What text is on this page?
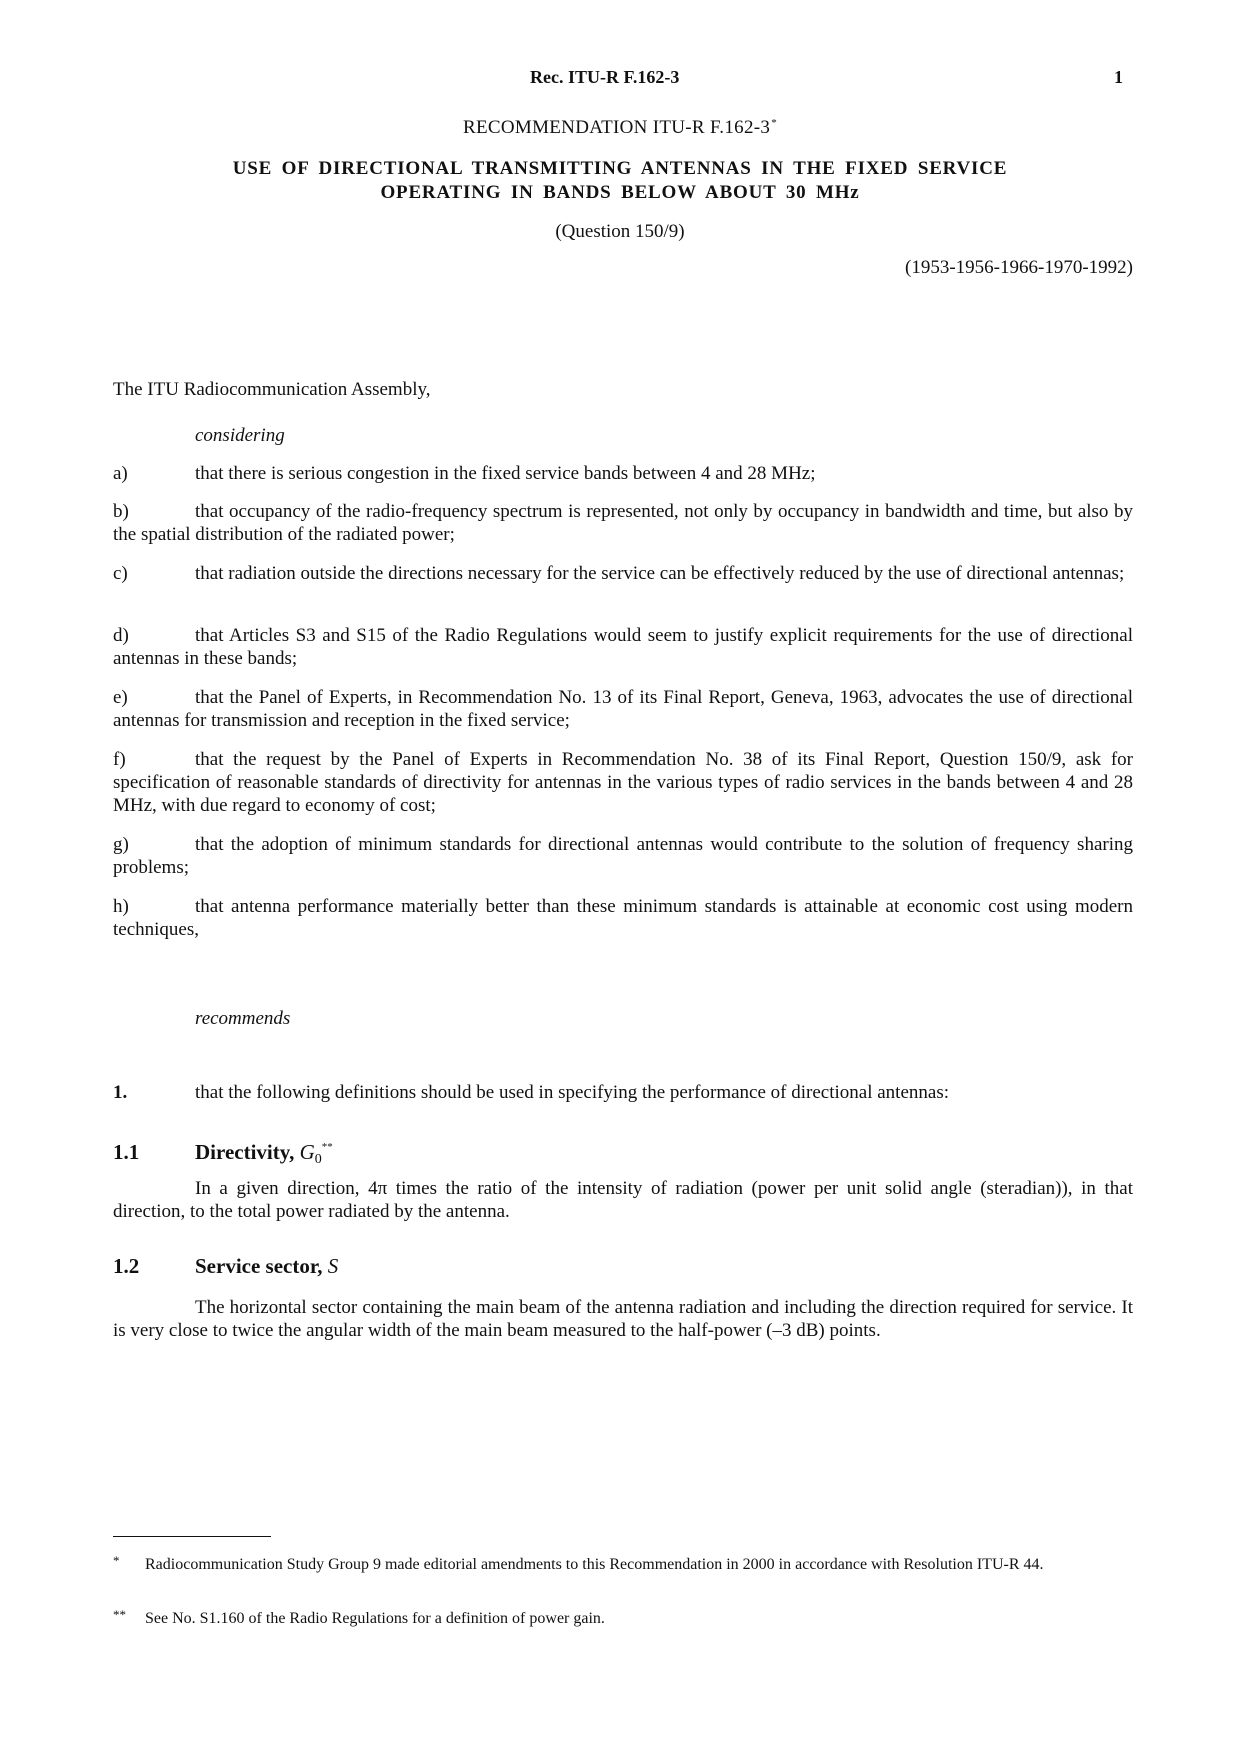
Rec. ITU-R F.162-3	1
RECOMMENDATION ITU-R F.162-3*
USE OF DIRECTIONAL TRANSMITTING ANTENNAS IN THE FIXED SERVICE
OPERATING IN BANDS BELOW ABOUT 30 MHz
(Question 150/9)
(1953-1956-1966-1970-1992)
The ITU Radiocommunication Assembly,
considering
a)	that there is serious congestion in the fixed service bands between 4 and 28 MHz;
b)	that occupancy of the radio-frequency spectrum is represented, not only by occupancy in bandwidth and time, but also by the spatial distribution of the radiated power;
c)	that radiation outside the directions necessary for the service can be effectively reduced by the use of directional antennas;
d)	that Articles S3 and S15 of the Radio Regulations would seem to justify explicit requirements for the use of directional antennas in these bands;
e)	that the Panel of Experts, in Recommendation No. 13 of its Final Report, Geneva, 1963, advocates the use of directional antennas for transmission and reception in the fixed service;
f)	that the request by the Panel of Experts in Recommendation No. 38 of its Final Report, Question 150/9, ask for specification of reasonable standards of directivity for antennas in the various types of radio services in the bands between 4 and 28 MHz, with due regard to economy of cost;
g)	that the adoption of minimum standards for directional antennas would contribute to the solution of frequency sharing problems;
h)	that antenna performance materially better than these minimum standards is attainable at economic cost using modern techniques,
recommends
1.	that the following definitions should be used in specifying the performance of directional antennas:
1.1	Directivity, $G_0^{**}$
In a given direction, 4π times the ratio of the intensity of radiation (power per unit solid angle (steradian)), in that direction, to the total power radiated by the antenna.
1.2	Service sector, S
The horizontal sector containing the main beam of the antenna radiation and including the direction required for service. It is very close to twice the angular width of the main beam measured to the half-power (–3 dB) points.
* Radiocommunication Study Group 9 made editorial amendments to this Recommendation in 2000 in accordance with Resolution ITU-R 44.
** See No. S1.160 of the Radio Regulations for a definition of power gain.
